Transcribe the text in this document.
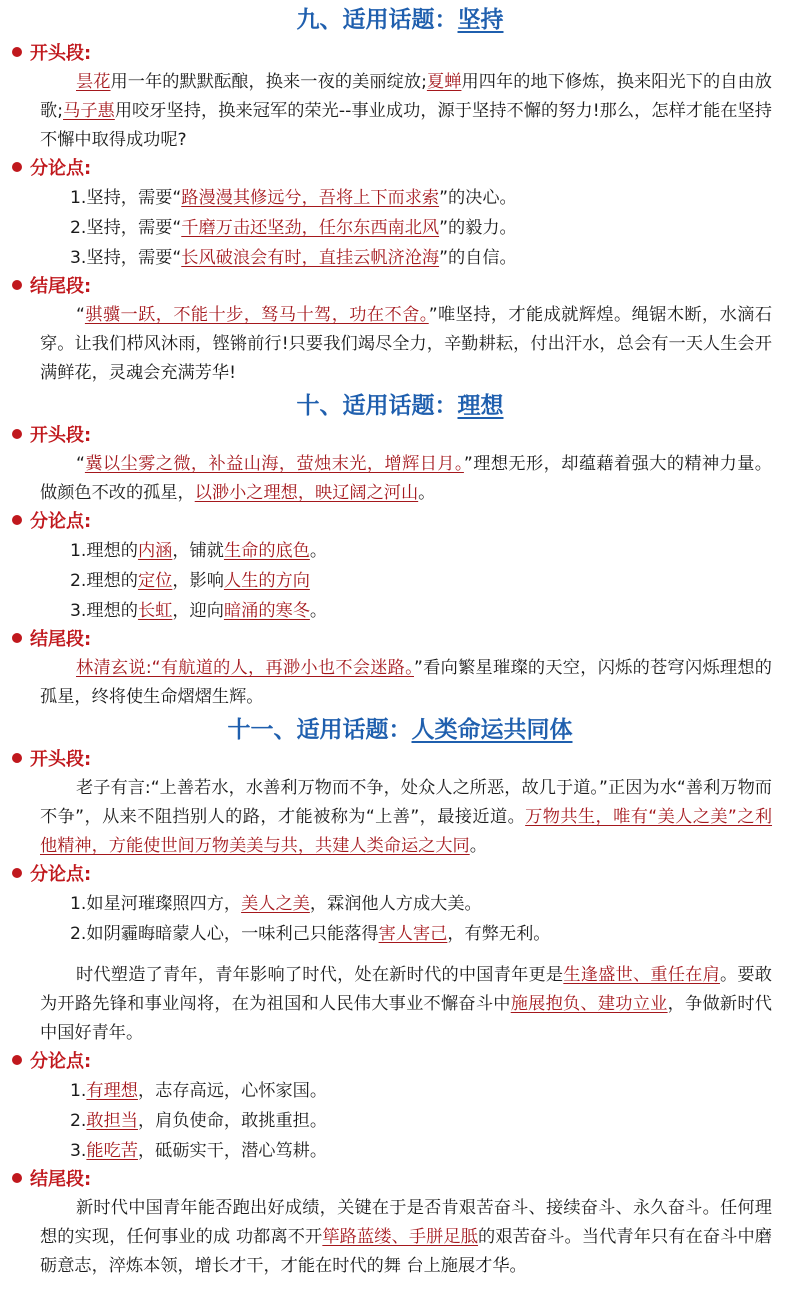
九、适用话题：坚持
开头段:
昙花用一年的默默酝酿，换来一夜的美丽绽放;夏蝉用四年的地下修炼，换来阳光下的自由放歌;马子惠用咬牙坚持，换来冠军的荣光--事业成功，源于坚持不懈的努力!那么，怎样才能在坚持不懈中取得成功呢?
分论点:
1.坚持，需要“路漫漫其修远兮，吾将上下而求索”的决心。
2.坚持，需要“千磨万击还坚劲，任尔东西南北风”的毅力。
3.坚持，需要“长风破浪会有时，直挂云帆济沧海”的自信。
结尾段:
“骐骥一跃，不能十步，驽马十驾，功在不舍。”唯坚持，才能成就辉煌。绳锯木断，水滴石穿。让我们栉风沐雨，铿锵前行!只要我们竭尽全力，辛勤耕耘，付出汗水，总会有一天人生会开满鲜花，灵魂会充满芳华!
十、适用话题：理想
开头段:
“冀以尘雾之微，补益山海，萤烛末光，增辉日月。”理想无形，却蕴藉着强大的精神力量。做颜色不改的孤星，以渺小之理想，映辽阔之河山。
分论点:
1.理想的内涵，铺就生命的底色。
2.理想的定位，影响人生的方向
3.理想的长虹，迎向暗涌的寒冬。
结尾段:
林清玄说:“有航道的人，再渺小也不会迷路。”看向繁星璀璨的天空，闪烁的苍穹闪烁理想的孤星，终将使生命熠熠生辉。
十一、适用话题：人类命运共同体
开头段:
老子有言:“上善若水，水善利万物而不争，处众人之所恶，故几于道。”正因为水“善利万物而不争”，从来不阻挡别人的路，才能被称为“上善”，最接近道。万物共生，唯有“美人之美”之利他精神，方能使世间万物美美与共，共建人类命运之大同。
分论点:
1.如星河璀璨照四方，美人之美，霖润他人方成大美。
2.如阴霾晦暗蒙人心，一味利己只能落得害人害己，有弊无利。
时代塑造了青年，青年影响了时代，处在新时代的中国青年更是生逢盛世、重任在肩。要敢为开路先锋和事业闯将，在为祖国和人民伟大事业不懈奋斗中施展抱负、建功立业，争做新时代中国好青年。
分论点:
1.有理想，志存高远，心怀家国。
2.敢担当，肩负使命，敢挑重担。
3.能吃苦，砥砺实干，潜心笃耕。
结尾段:
新时代中国青年能否跑出好成绩，关键在于是否肯艰苦奋斗、接续奋斗、永久奋斗。任何理想的实现，任何事业的成 功都离不开筚路蓝缕、手胼足胝的艰苦奋斗。当代青年只有在奋斗中磨砺意志，淬炼本领，增长才干，才能在时代的舞 台上施展才华。
